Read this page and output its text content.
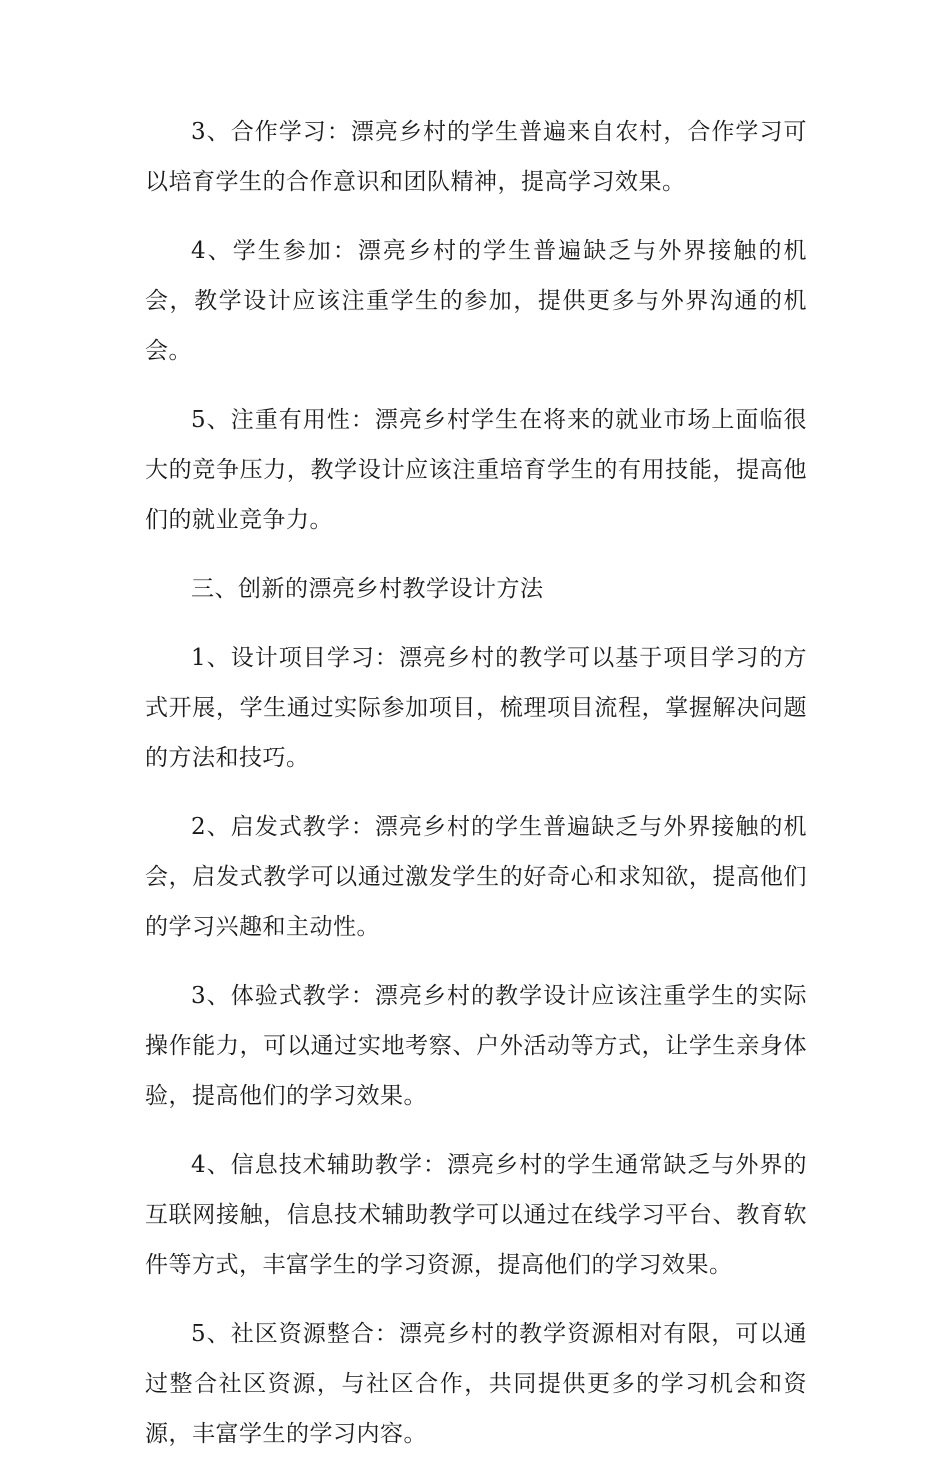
3、合作学习：漂亮乡村的学生普遍来自农村，合作学习可以培育学生的合作意识和团队精神，提高学习效果。

4、学生参加：漂亮乡村的学生普遍缺乏与外界接触的机会，教学设计应该注重学生的参加，提供更多与外界沟通的机会。

5、注重有用性：漂亮乡村学生在将来的就业市场上面临很大的竞争压力，教学设计应该注重培育学生的有用技能，提高他们的就业竞争力。

三、创新的漂亮乡村教学设计方法

1、设计项目学习：漂亮乡村的教学可以基于项目学习的方式开展，学生通过实际参加项目，梳理项目流程，掌握解决问题的方法和技巧。

2、启发式教学：漂亮乡村的学生普遍缺乏与外界接触的机会，启发式教学可以通过激发学生的好奇心和求知欲，提高他们的学习兴趣和主动性。

3、体验式教学：漂亮乡村的教学设计应该注重学生的实际操作能力，可以通过实地考察、户外活动等方式，让学生亲身体验，提高他们的学习效果。

4、信息技术辅助教学：漂亮乡村的学生通常缺乏与外界的互联网接触，信息技术辅助教学可以通过在线学习平台、教育软件等方式，丰富学生的学习资源，提高他们的学习效果。

5、社区资源整合：漂亮乡村的教学资源相对有限，可以通过整合社区资源，与社区合作，共同提供更多的学习机会和资源，丰富学生的学习内容。
